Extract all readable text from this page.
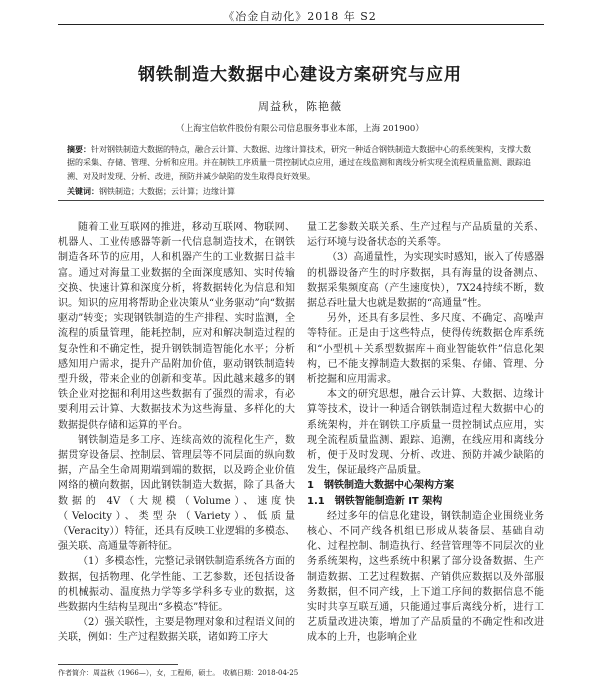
《冶金自动化》2018 年 S2
钢铁制造大数据中心建设方案研究与应用
周益秋，陈艳薇
（上海宝信软件股份有限公司信息服务事业本部，上海 201900）
摘要：针对钢铁制造大数据的特点，融合云计算、大数据、边缘计算技术，研究一种适合钢铁制造大数据中心的系统架构，支撑大数据的采集、存储、管理、分析和应用。并在制铁工序质量一贯控制试点应用，通过在线监测和离线分析实现全流程质量监测、跟踪追溯、对及时发现、分析、改进，预防并减少缺陷的发生取得良好效果。
关键词：钢铁制造；大数据；云计算；边缘计算

随着工业互联网的推进，移动互联网、物联网、机器人、工业传感器等新一代信息制造技术，在钢铁制造各环节的应用，人和机器产生的工业数据日益丰富。通过对海量工业数据的全面深度感知、实时传输交换、快速计算和深度分析，将数据转化为信息和知识。知识的应用将帮助企业决策从“业务驱动”向“数据驱动”转变；实现钢铁制造的生产排程、实时监测，全流程的质量管理，能耗控制，应对和解决制造过程的复杂性和不确定性，提升钢铁制造智能化水平；分析感知用户需求，提升产品附加价值，驱动钢铁制造转型升级，带来企业的创新和变革。因此越来越多的钢铁企业对挖掘和利用这些数据有了强烈的需求，有必要利用云计算、大数据技术为这些海量、多样化的大数据提供存储和运算的平台。

钢铁制造是多工序、连续高效的流程化生产，数据贯穿设备层、控制层、管理层等不同层面的纵向数据，产品全生命周期端到端的数据，以及跨企业价值网络的横向数据，因此钢铁制造大数据，除了具备大数据的 4V（大规模（Volume）、速度快（Velocity）、类型杂（Variety）、低质量（Veracity））特征，还具有反映工业逻辑的多模态、强关联、高通量等新特征。

（1）多模态性，完整记录钢铁制造系统各方面的数据，包括物理、化学性能、工艺参数，还包括设备的机械振动、温度热力学等多学科多专业的数据，这些数据内生结构呈现出“多模态”特征。

（2）强关联性，主要是物理对象和过程语义间的关联，例如：生产过程数据关联，诸如跨工序大

量工艺参数关联关系、生产过程与产品质量的关系、运行环境与设备状态的关系等。

（3）高通量性，为实现实时感知，嵌入了传感器的机器设备产生的时序数据，具有海量的设备测点、数据采集频度高（产生速度快），7X24持续不断，数据总吞吐量大也就是数据的“高通量”性。

另外，还具有多层性、多尺度、不确定、高噪声等特征。正是由于这些特点，使得传统数据仓库系统和“小型机＋关系型数据库＋商业智能软件”信息化架构，已不能支撑制造大数据的采集、存储、管理、分析挖掘和应用需求。

本文的研究思想，融合云计算、大数据、边缘计算等技术，设计一种适合钢铁制造过程大数据中心的系统架构，并在钢铁工序质量一贯控制试点应用，实现全流程质量监测、跟踪、追溯，在线应用和离线分析，便于及时发现、分析、改进、预防并减少缺陷的发生，保证最终产品质量。

1　钢铁制造大数据中心架构方案
1.1　钢铁智能制造新 IT 架构

经过多年的信息化建设，钢铁制造企业围绕业务核心、不同产线各机组已形成从装备层、基础自动化、过程控制、制造执行、经营管理等不同层次的业务系统架构，这些系统中积累了部分设备数据、生产制造数据、工艺过程数据、产销供应数据以及外部服务数据，但不同产线，上下道工序间的数据信息不能实时共享互联互通，只能通过事后离线分析，进行工艺质量改进决策，增加了产品质量的不确定性和改进成本的上升，也影响企业

作者简介：周益秋（1966—），女，工程师，硕士。　收稿日期：2018-04-25
